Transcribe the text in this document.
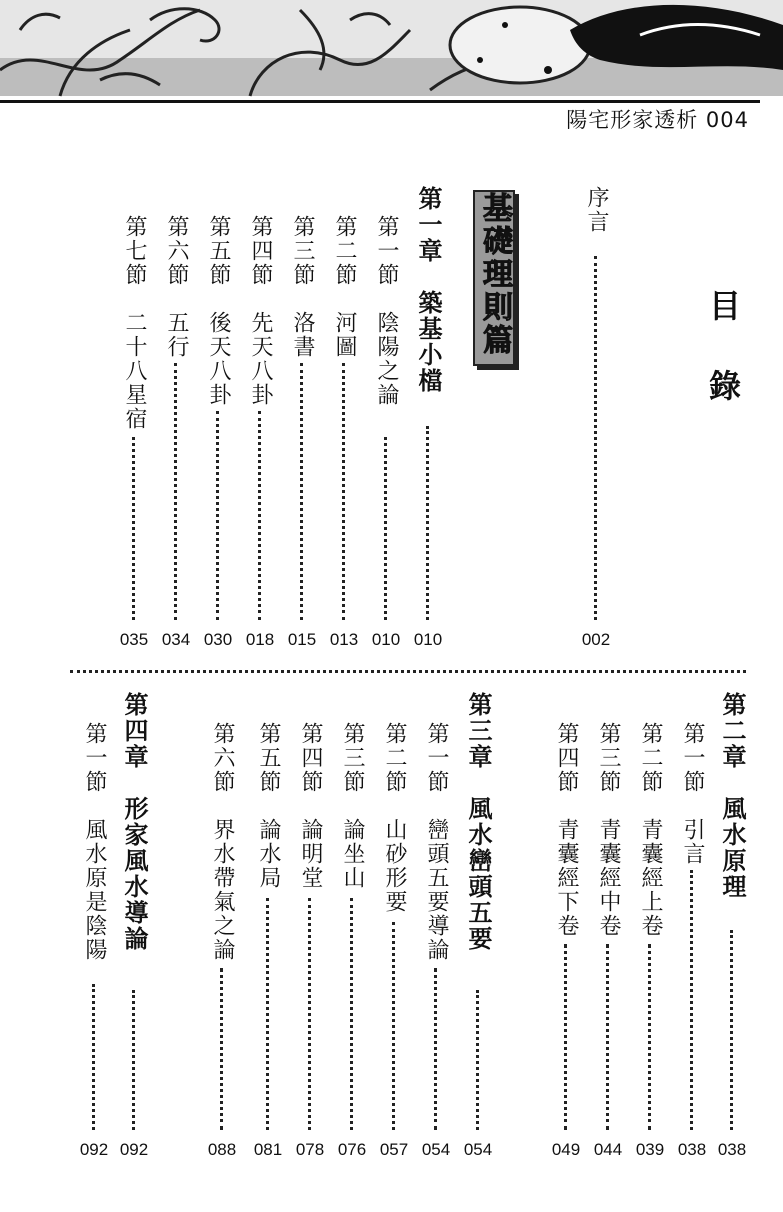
陽宅形家透析 004
目
錄
基礎理則篇	序言
002
第一章　築基小檔
010
第一節　陰陽之論
010
第二節　河圖
013
第三節　洛書
015
第四節　先天八卦
018
第五節　後天八卦
030
第六節　五行
034
第七節　二十八星宿
035
第二章　風水原理
038
第一節　引言
038
第二節　青囊經上卷
039
第三節　青囊經中卷
044
第四節　青囊經下卷
049
第三章　風水巒頭五要
054
第一節　巒頭五要導論
054
第二節　山砂形要
057
第三節　論坐山
076
第四節　論明堂
078
第五節　論水局
081
第六節　界水帶氣之論
088
第四章　形家風水導論
092
第一節　風水原是陰陽
092
